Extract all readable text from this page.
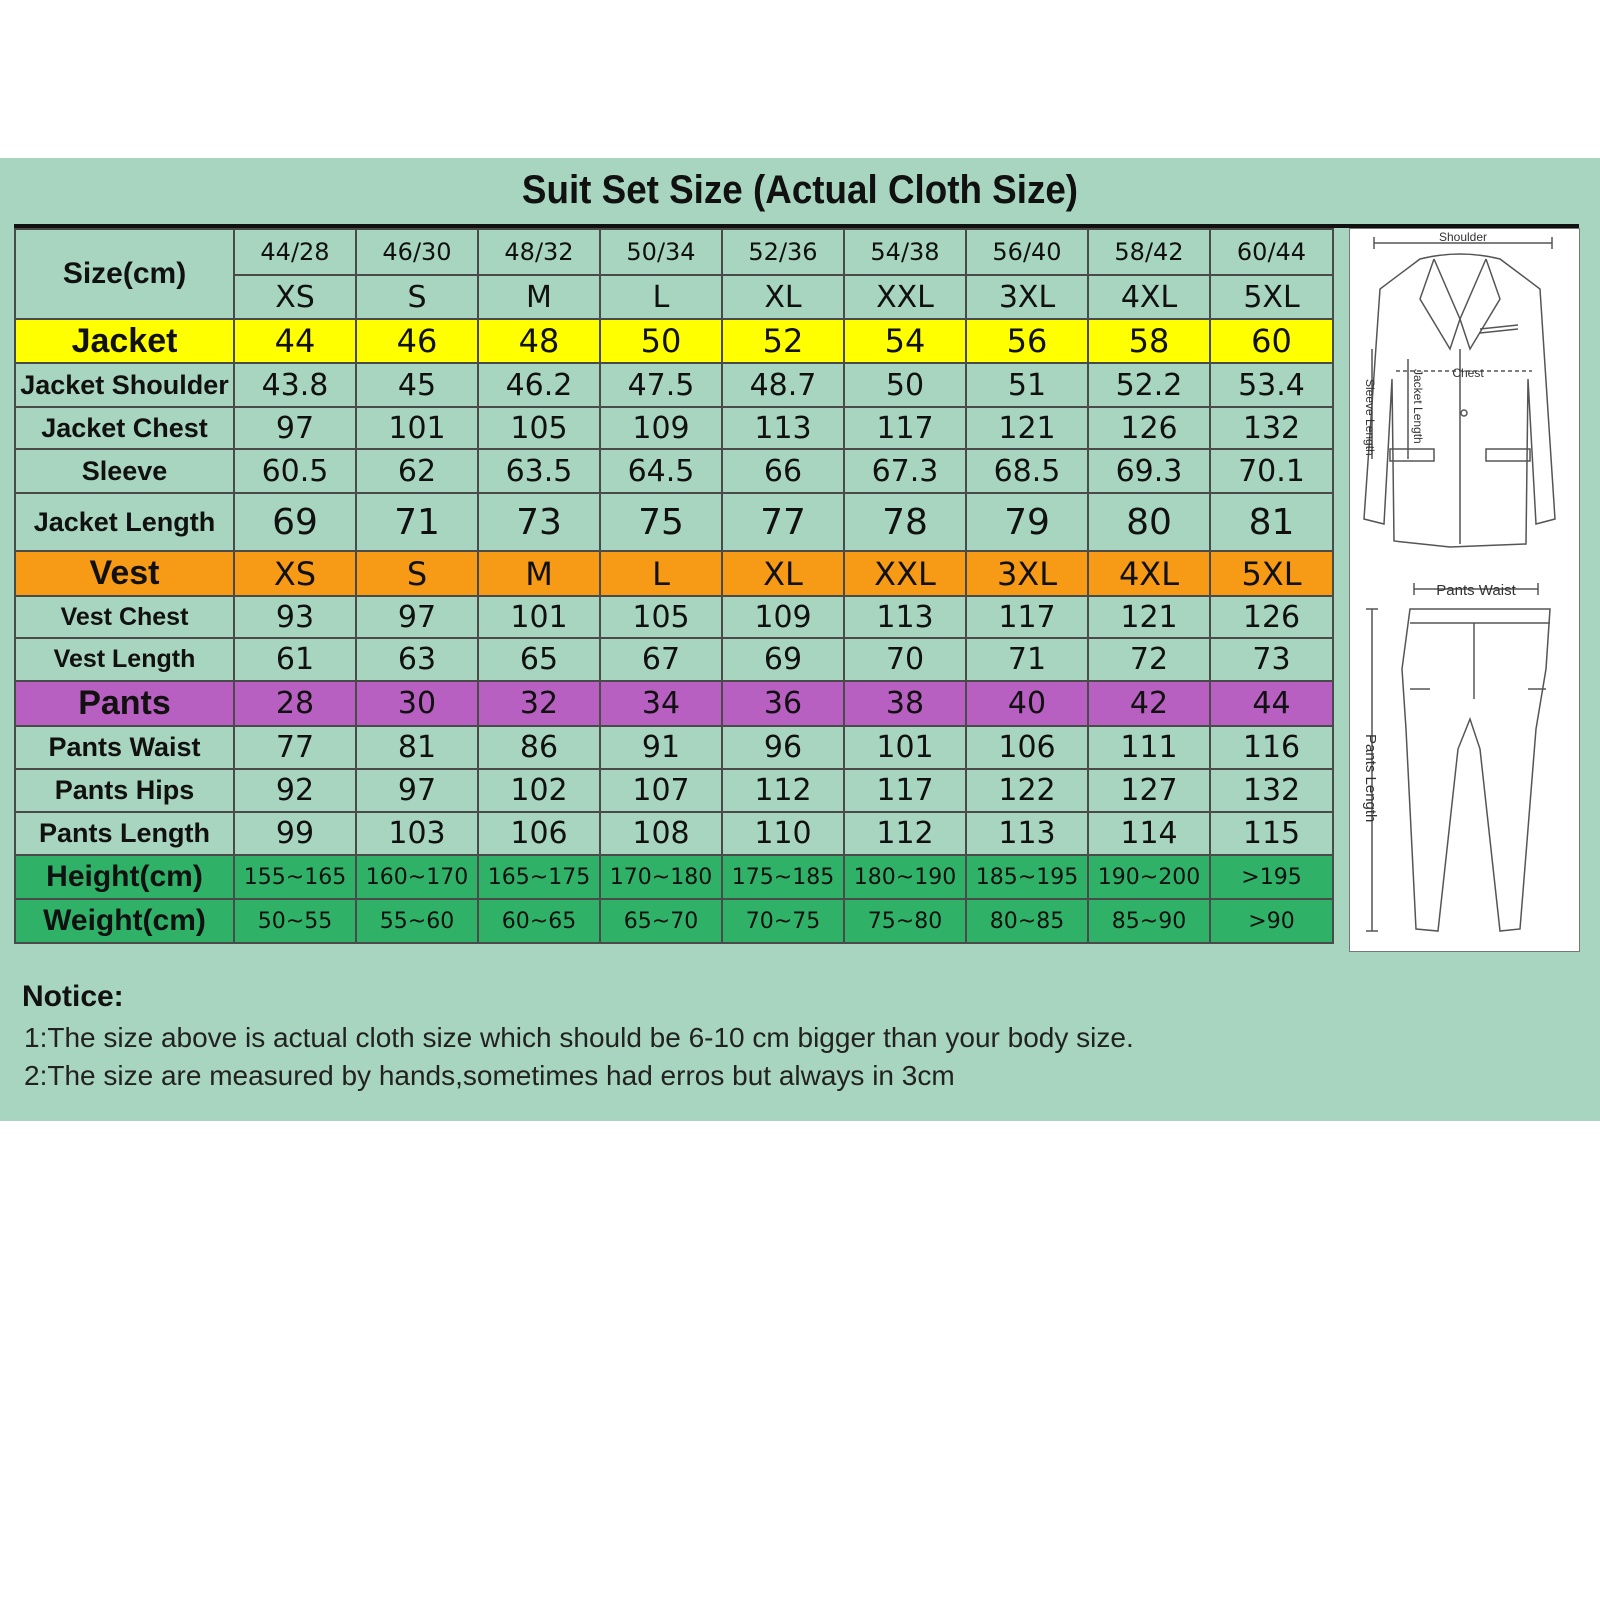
Suit Set Size (Actual Cloth Size)
Size(cm)	44/28	46/30	48/32	50/34	52/36	54/38	56/40	58/42	60/44
	XS	S	M	L	XL	XXL	3XL	4XL	5XL
Jacket	44	46	48	50	52	54	56	58	60
Jacket Shoulder	43.8	45	46.2	47.5	48.7	50	51	52.2	53.4
Jacket Chest	97	101	105	109	113	117	121	126	132
Sleeve	60.5	62	63.5	64.5	66	67.3	68.5	69.3	70.1
Jacket Length	69	71	73	75	77	78	79	80	81
Vest	XS	S	M	L	XL	XXL	3XL	4XL	5XL
Vest Chest	93	97	101	105	109	113	117	121	126
Vest Length	61	63	65	67	69	70	71	72	73
Pants	28	30	32	34	36	38	40	42	44
Pants Waist	77	81	86	91	96	101	106	111	116
Pants Hips	92	97	102	107	112	117	122	127	132
Pants Length	99	103	106	108	110	112	113	114	115
Height(cm)	155~165	160~170	165~175	170~180	175~185	180~190	185~195	190~200	>195
Weight(cm)	50~55	55~60	60~65	65~70	70~75	75~80	80~85	85~90	>90
Shoulder
Chest
Sleeve Length	Jacket Length
Pants Waist
Pants Length
Notice:
1:The size above is actual cloth size which should be 6-10 cm bigger than your body size.
2:The size are measured by hands,sometimes had erros but always in 3cm
